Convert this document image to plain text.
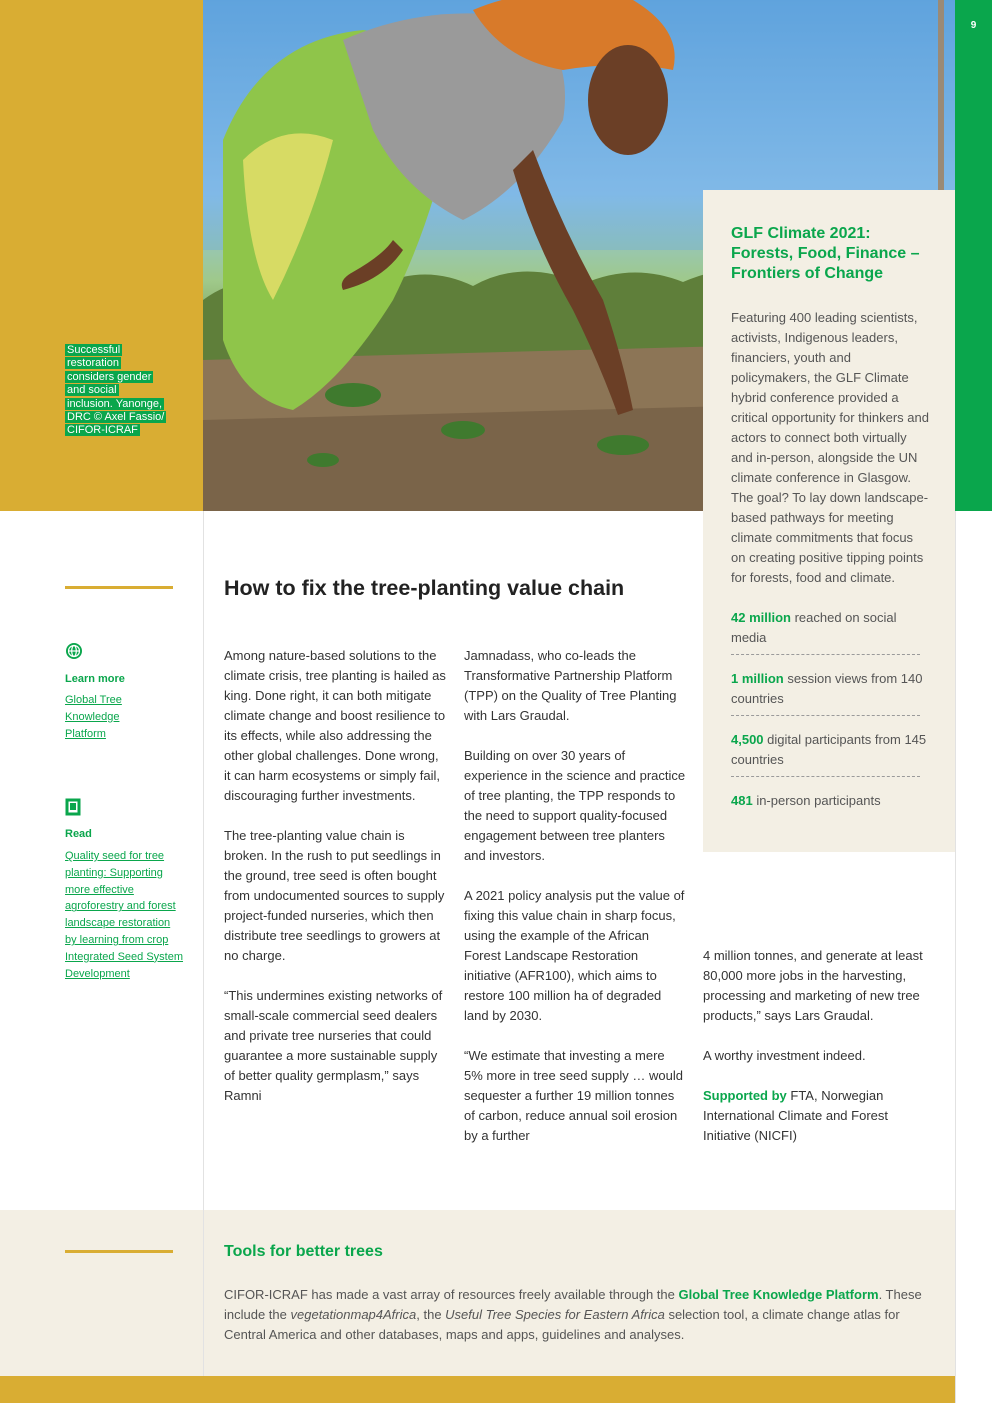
9
Successful restoration considers gender and social inclusion. Yanonge, DRC © Axel Fassio/ CIFOR-ICRAF
Learn more
Global Tree Knowledge Platform
Read
Quality seed for tree planting: Supporting more effective agroforestry and forest landscape restoration by learning from crop Integrated Seed System Development
How to fix the tree-planting value chain

Among nature-based solutions to the climate crisis, tree planting is hailed as king. Done right, it can both mitigate climate change and boost resilience to its effects, while also addressing the other global challenges. Done wrong, it can harm ecosystems or simply fail, discouraging further investments.

The tree-planting value chain is broken. In the rush to put seedlings in the ground, tree seed is often bought from undocumented sources to supply project-funded nurseries, which then distribute tree seedlings to growers at no charge.

“This undermines existing networks of small-scale commercial seed dealers and private tree nurseries that could guarantee a more sustainable supply of better quality germplasm,” says Ramni

Jamnadass, who co-leads the Transformative Partnership Platform (TPP) on the Quality of Tree Planting with Lars Graudal.

Building on over 30 years of experience in the science and practice of tree planting, the TPP responds to the need to support quality-focused engagement between tree planters and investors.

A 2021 policy analysis put the value of fixing this value chain in sharp focus, using the example of the African Forest Landscape Restoration initiative (AFR100), which aims to restore 100 million ha of degraded land by 2030.

“We estimate that investing a mere 5% more in tree seed supply … would sequester a further 19 million tonnes of carbon, reduce annual soil erosion by a further

4 million tonnes, and generate at least 80,000 more jobs in the harvesting, processing and marketing of new tree products,” says Lars Graudal.

A worthy investment indeed.

Supported by FTA, Norwegian International Climate and Forest Initiative (NICFI)

GLF Climate 2021: Forests, Food, Finance – Frontiers of Change
Featuring 400 leading scientists, activists, Indigenous leaders, financiers, youth and policymakers, the GLF Climate hybrid conference provided a critical opportunity for thinkers and actors to connect both virtually and in-person, alongside the UN climate conference in Glasgow. The goal? To lay down landscape-based pathways for meeting climate commitments that focus on creating positive tipping points for forests, food and climate.
42 million reached on social media
1 million session views from 140 countries
4,500 digital participants from 145 countries
481 in-person participants
Tools for better trees
CIFOR-ICRAF has made a vast array of resources freely available through the Global Tree Knowledge Platform. These include the vegetationmap4Africa, the Useful Tree Species for Eastern Africa selection tool, a climate change atlas for Central America and other databases, maps and apps, guidelines and analyses.
